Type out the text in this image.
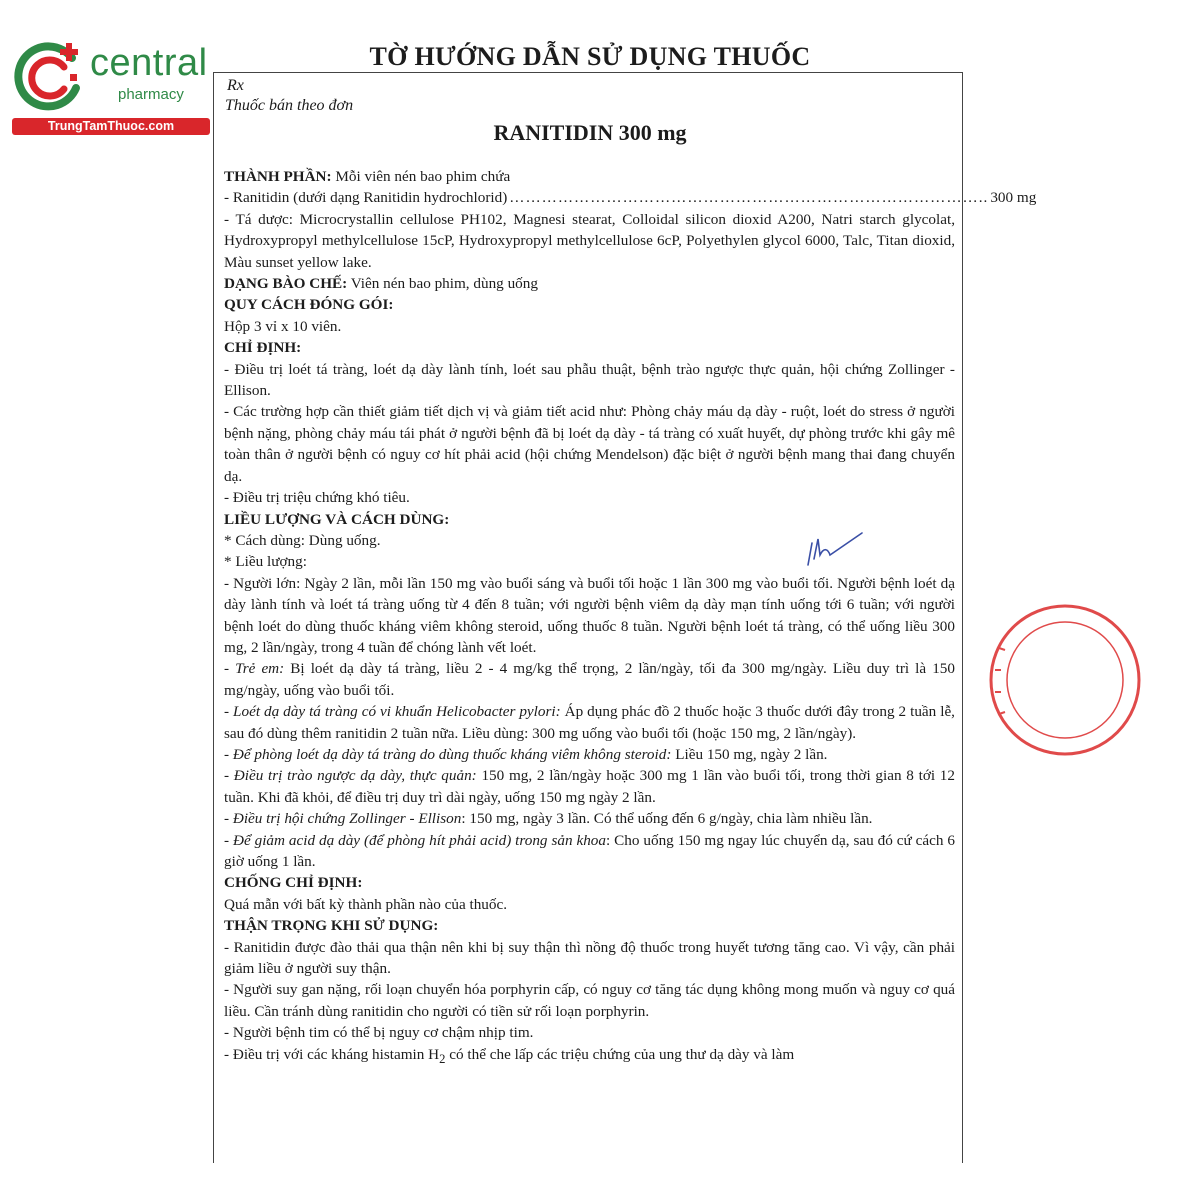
central
pharmacy
TrungTamThuoc.com
TỜ HƯỚNG DẪN SỬ DỤNG THUỐC
Rx
Thuốc bán theo đơn
RANITIDIN 300 mg

THÀNH PHẦN: Mỗi viên nén bao phim chứa

- Ranitidin (dưới dạng Ranitidin hydrochlorid) …………………………………………………………………………….. 300 mg

- Tá dược: Microcrystallin cellulose PH102, Magnesi stearat, Colloidal silicon dioxid A200, Natri starch glycolat, Hydroxypropyl methylcellulose 15cP, Hydroxypropyl methylcellulose 6cP, Polyethylen glycol 6000, Talc, Titan dioxid, Màu sunset yellow lake.

DẠNG BÀO CHẾ: Viên nén bao phim, dùng uống

QUY CÁCH ĐÓNG GÓI:

Hộp 3 vỉ x 10 viên.

CHỈ ĐỊNH:

- Điều trị loét tá tràng, loét dạ dày lành tính, loét sau phẫu thuật, bệnh trào ngược thực quản, hội chứng Zollinger - Ellison.

- Các trường hợp cần thiết giảm tiết dịch vị và giảm tiết acid như: Phòng chảy máu dạ dày - ruột, loét do stress ở người bệnh nặng, phòng chảy máu tái phát ở người bệnh đã bị loét dạ dày - tá tràng có xuất huyết, dự phòng trước khi gây mê toàn thân ở người bệnh có nguy cơ hít phải acid (hội chứng Mendelson) đặc biệt ở người bệnh mang thai đang chuyển dạ.

- Điều trị triệu chứng khó tiêu.

LIỀU LƯỢNG VÀ CÁCH DÙNG:

* Cách dùng: Dùng uống.

* Liều lượng:

- Người lớn: Ngày 2 lần, mỗi lần 150 mg vào buổi sáng và buổi tối hoặc 1 lần 300 mg vào buổi tối. Người bệnh loét dạ dày lành tính và loét tá tràng uống từ 4 đến 8 tuần; với người bệnh viêm dạ dày mạn tính uống tới 6 tuần; với người bệnh loét do dùng thuốc kháng viêm không steroid, uống thuốc 8 tuần. Người bệnh loét tá tràng, có thể uống liều 300 mg, 2 lần/ngày, trong 4 tuần để chóng lành vết loét.

- Trẻ em: Bị loét dạ dày tá tràng, liều 2 - 4 mg/kg thể trọng, 2 lần/ngày, tối đa 300 mg/ngày. Liều duy trì là 150 mg/ngày, uống vào buổi tối.

- Loét dạ dày tá tràng có vi khuẩn Helicobacter pylori: Áp dụng phác đồ 2 thuốc hoặc 3 thuốc dưới đây trong 2 tuần lễ, sau đó dùng thêm ranitidin 2 tuần nữa. Liều dùng: 300 mg uống vào buổi tối (hoặc 150 mg, 2 lần/ngày).

- Để phòng loét dạ dày tá tràng do dùng thuốc kháng viêm không steroid: Liều 150 mg, ngày 2 lần.

- Điều trị trào ngược dạ dày, thực quản: 150 mg, 2 lần/ngày hoặc 300 mg 1 lần vào buổi tối, trong thời gian 8 tới 12 tuần. Khi đã khỏi, để điều trị duy trì dài ngày, uống 150 mg ngày 2 lần.

- Điều trị hội chứng Zollinger - Ellison: 150 mg, ngày 3 lần. Có thể uống đến 6 g/ngày, chia làm nhiều lần.

- Để giảm acid dạ dày (để phòng hít phải acid) trong sản khoa: Cho uống 150 mg ngay lúc chuyển dạ, sau đó cứ cách 6 giờ uống 1 lần.

CHỐNG CHỈ ĐỊNH:

Quá mẫn với bất kỳ thành phần nào của thuốc.

THẬN TRỌNG KHI SỬ DỤNG:

- Ranitidin được đào thải qua thận nên khi bị suy thận thì nồng độ thuốc trong huyết tương tăng cao. Vì vậy, cần phải giảm liều ở người suy thận.

- Người suy gan nặng, rối loạn chuyển hóa porphyrin cấp, có nguy cơ tăng tác dụng không mong muốn và nguy cơ quá liều. Cần tránh dùng ranitidin cho người có tiền sử rối loạn porphyrin.

- Người bệnh tim có thể bị nguy cơ chậm nhịp tim.

- Điều trị với các kháng histamin $H_2$ có thể che lấp các triệu chứng của ung thư dạ dày và làm
